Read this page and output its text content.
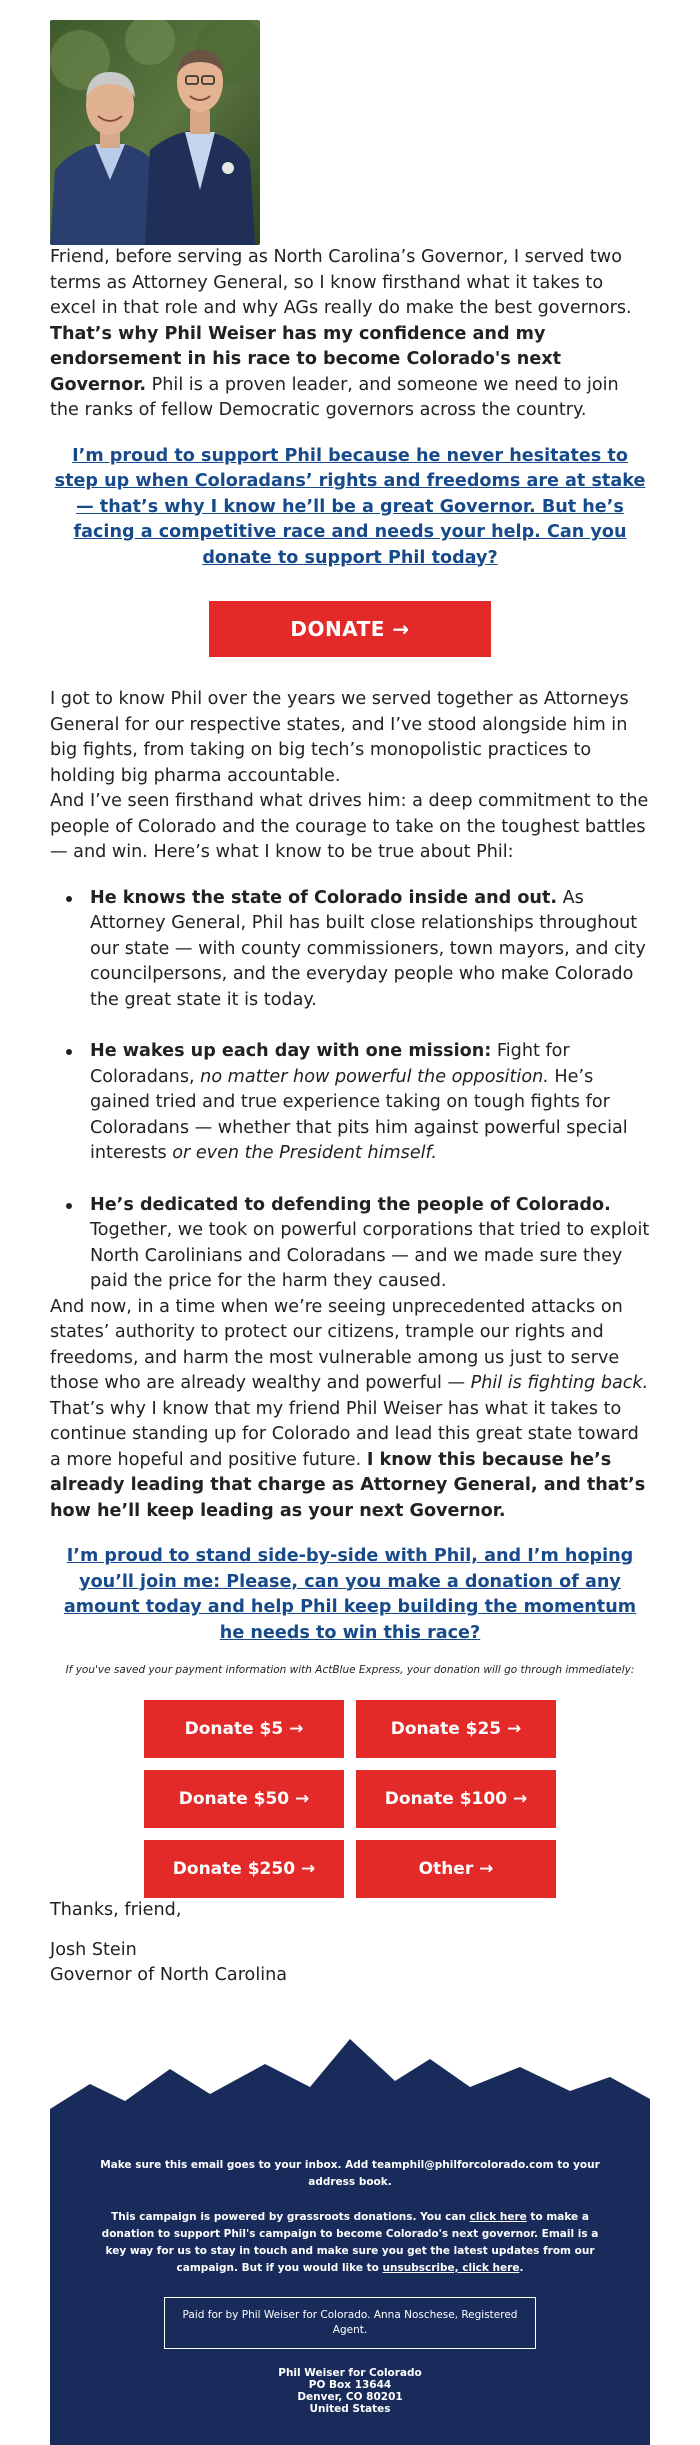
Friend, before serving as North Carolina’s Governor, I served two terms as Attorney General, so I know firsthand what it takes to excel in that role and why AGs really do make the best governors.

That’s why Phil Weiser has my confidence and my endorsement in his race to become Colorado's next Governor. Phil is a proven leader, and someone we need to join the ranks of fellow Democratic governors across the country.

I’m proud to support Phil because he never hesitates to step up when Coloradans’ rights and freedoms are at stake — that’s why I know he’ll be a great Governor. But he’s facing a competitive race and needs your help. Can you donate to support Phil today?
DONATE →

I got to know Phil over the years we served together as Attorneys General for our respective states, and I’ve stood alongside him in big fights, from taking on big tech’s monopolistic practices to holding big pharma accountable.

And I’ve seen firsthand what drives him: a deep commitment to the people of Colorado and the courage to take on the toughest battles — and win. Here’s what I know to be true about Phil:

He knows the state of Colorado inside and out. As Attorney General, Phil has built close relationships throughout our state — with county commissioners, town mayors, and city councilpersons, and the everyday people who make Colorado the great state it is today.
He wakes up each day with one mission: Fight for Coloradans, no matter how powerful the opposition. He’s gained tried and true experience taking on tough fights for Coloradans — whether that pits him against powerful special interests or even the President himself.
He’s dedicated to defending the people of Colorado. Together, we took on powerful corporations that tried to exploit North Carolinians and Coloradans — and we made sure they paid the price for the harm they caused.

And now, in a time when we’re seeing unprecedented attacks on states’ authority to protect our citizens, trample our rights and freedoms, and harm the most vulnerable among us just to serve those who are already wealthy and powerful — Phil is fighting back.

That’s why I know that my friend Phil Weiser has what it takes to continue standing up for Colorado and lead this great state toward a more hopeful and positive future. I know this because he’s already leading that charge as Attorney General, and that’s how he’ll keep leading as your next Governor.

I’m proud to stand side-by-side with Phil, and I’m hoping you’ll join me: Please, can you make a donation of any amount today and help Phil keep building the momentum he needs to win this race?

If you've saved your payment information with ActBlue Express, your donation will go through immediately:

Donate $5 →	Donate $25 →
Donate $50 →	Donate $100 →
Donate $250 →	Other →

Thanks, friend,

Josh Stein

Governor of North Carolina

Make sure this email goes to your inbox. Add teamphil@philforcolorado.com to your address book.

This campaign is powered by grassroots donations. You can click here to make a donation to support Phil's campaign to become Colorado's next governor. Email is a key way for us to stay in touch and make sure you get the latest updates from our campaign. But if you would like to unsubscribe, click here.

Paid for by Phil Weiser for Colorado. Anna Noschese, Registered Agent.
Phil Weiser for Colorado
PO Box 13644
Denver, CO 80201
United States
